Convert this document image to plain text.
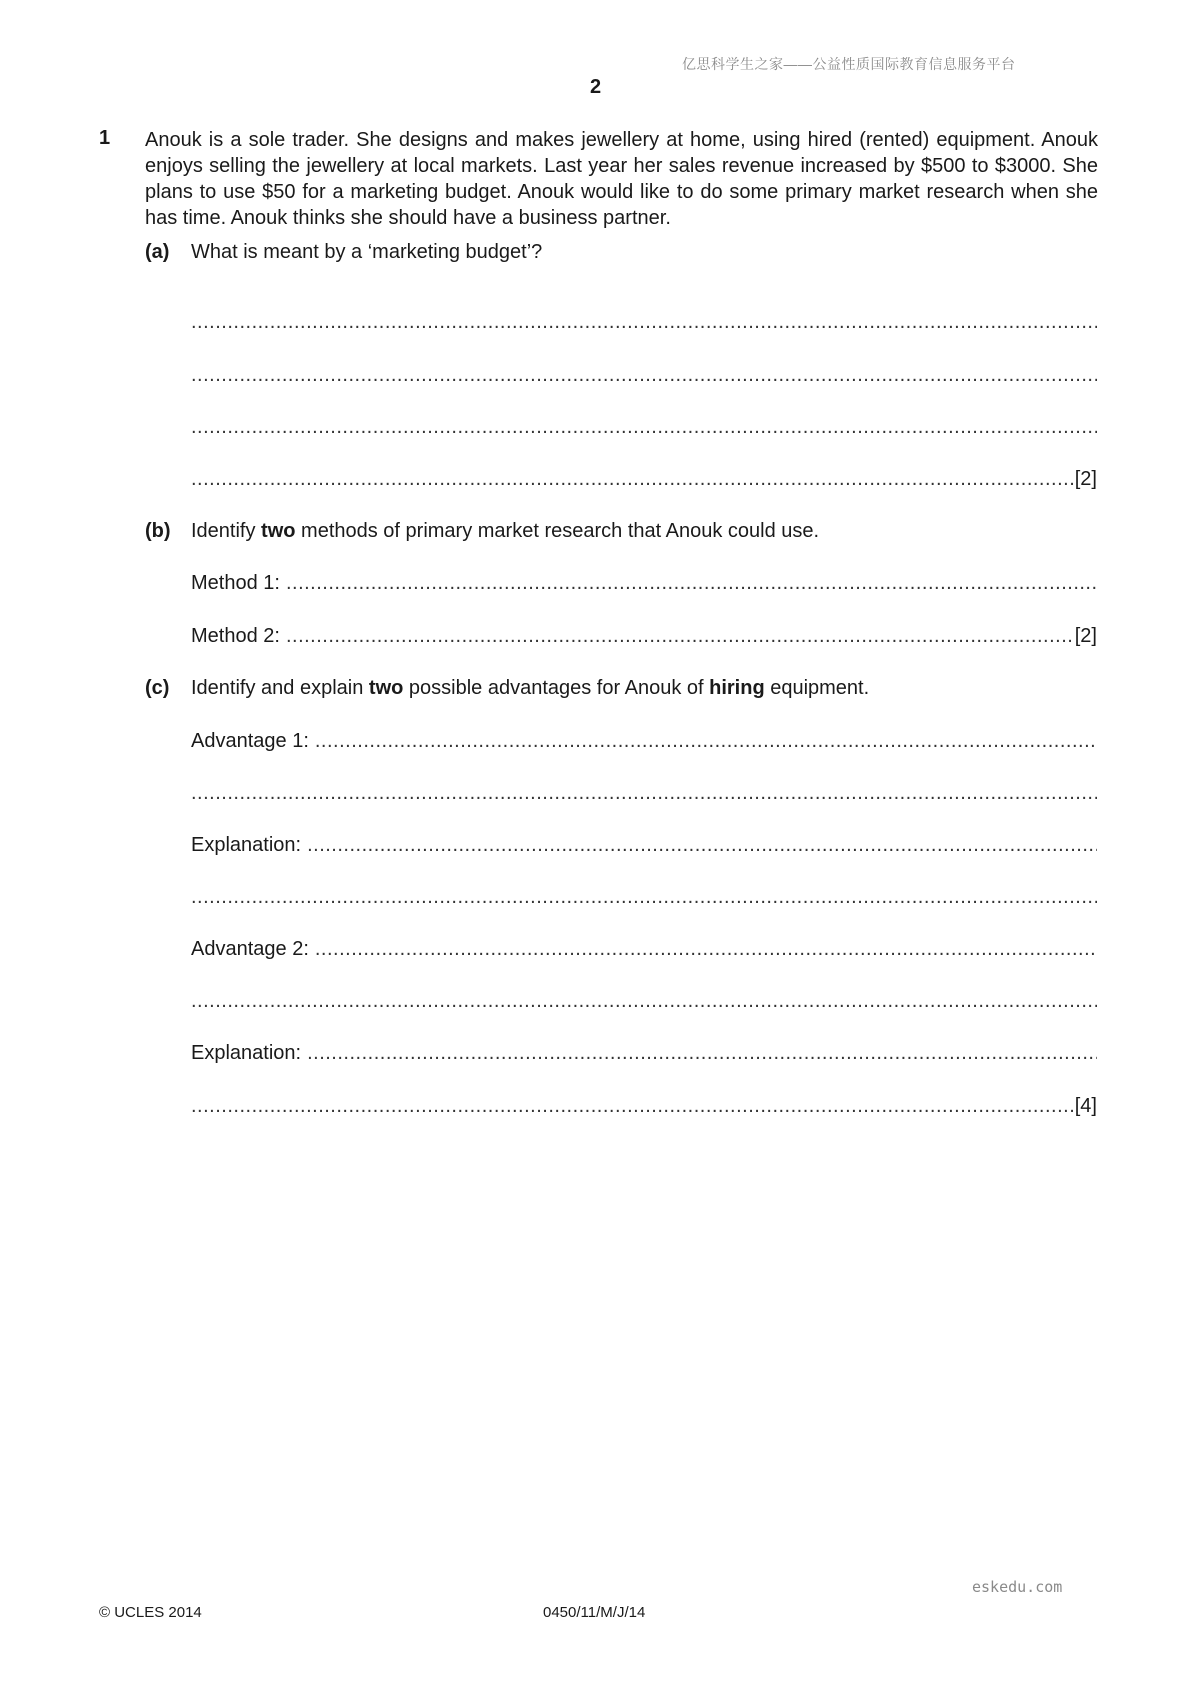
亿思科学生之家——公益性质国际教育信息服务平台
2
1 Anouk is a sole trader. She designs and makes jewellery at home, using hired (rented) equipment. Anouk enjoys selling the jewellery at local markets. Last year her sales revenue increased by $500 to $3000. She plans to use $50 for a marketing budget. Anouk would like to do some primary market research when she has time. Anouk thinks she should have a business partner.
(a) What is meant by a ‘marketing budget’?
.....
.....
.....
.....
[2]
(b) Identify two methods of primary market research that Anouk could use.
Method 1:
.....
Method 2:
.....	[2]
(c) Identify and explain two possible advantages for Anouk of hiring equipment.
Advantage 1:
.....
.....
Explanation:
.....
.....
Advantage 2:
.....
.....
Explanation:
.....
.....
[4]
eskedu.com
© UCLES 2014	0450/11/M/J/14
